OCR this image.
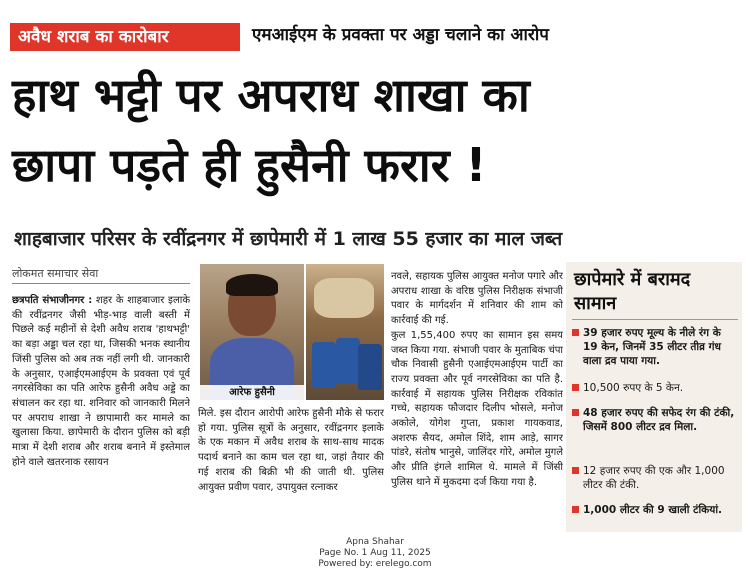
अवैध शराब का कारोबार	एमआईएम के प्रवक्ता पर अड्डा चलाने का आरोप
हाथ भट्टी पर अपराध शाखा का
छापा पड़ते ही हुसैनी फरार !
शाहबाजार परिसर के रवींद्रनगर में छापेमारी में 1 लाख 55 हजार का माल जब्त
लोकमत समाचार सेवा
छत्रपति संभाजीनगर : शहर के शाहबाजार इलाके की रवींद्रनगर जैसी भीड़-भाड़ वाली बस्ती में पिछले कई महीनों से देशी अवैध शराब 'हाथभट्टी' का बड़ा अड्डा चल रहा था, जिसकी भनक स्थानीय जिंसी पुलिस को अब तक नहीं लगी थी. जानकारी के अनुसार, एआईएमआईएम के प्रवक्ता एवं पूर्व नगरसेविका का पति आरेफ हुसैनी अवैध अड्डे का संचालन कर रहा था. शनिवार को जानकारी मिलने पर अपराध शाखा ने छापामारी कर मामले का खुलासा किया. छापेमारी के दौरान पुलिस को बड़ी मात्रा में देशी शराब और शराब बनाने में इस्तेमाल होने वाले खतरनाक रसायन
आरेफ हुसैनी
मिले. इस दौरान आरोपी आरेफ हुसैनी मौके से फरार हो गया. पुलिस सूत्रों के अनुसार, रवींद्रनगर इलाके के एक मकान में अवैध शराब के साथ-साथ मादक पदार्थ बनाने का काम चल रहा था, जहां तैयार की गई शराब की बिक्री भी की जाती थी. पुलिस आयुक्त प्रवीण पवार, उपायुक्त रत्नाकर
नवले, सहायक पुलिस आयुक्त मनोज पगारे और अपराध शाखा के वरिष्ठ पुलिस निरीक्षक संभाजी पवार के मार्गदर्शन में शनिवार की शाम को कार्रवाई की गई.
कुल 1,55,400 रुपए का सामान इस समय जब्त किया गया. संभाजी पवार के मुताबिक चंपा चौक निवासी हुसैनी एआईएमआईएम पार्टी का राज्य प्रवक्ता और पूर्व नगरसेविका का पति है. कार्रवाई में सहायक पुलिस निरीक्षक रविकांत गच्चे, सहायक फौजदार दिलीप भोसले, मनोज अकोले, योगेश गुप्ता, प्रकाश गायकवाड, अशरफ सैयद, अमोल शिंदे, शाम आड़े, सागर पांडरे, संतोष भानुसे, जालिंदर गोरे, अमोल मुगले और प्रीति इंगले शामिल थे. मामले में जिंसी पुलिस थाने में मुकदमा दर्ज किया गया है.
छापेमारे में बरामद सामान
39 हजार रुपए मूल्य के नीले रंग के 19 केन, जिनमें 35 लीटर तीव्र गंध वाला द्रव पाया गया.
10,500 रुपए के 5 केन.
48 हजार रुपए की सफेद रंग की टंकी, जिसमें 800 लीटर द्रव मिला.
12 हजार रुपए की एक और 1,000 लीटर की टंकी.
1,000 लीटर की 9 खाली टंकियां.
Apna Shahar
Page No. 1 Aug 11, 2025
Powered by: erelego.com
